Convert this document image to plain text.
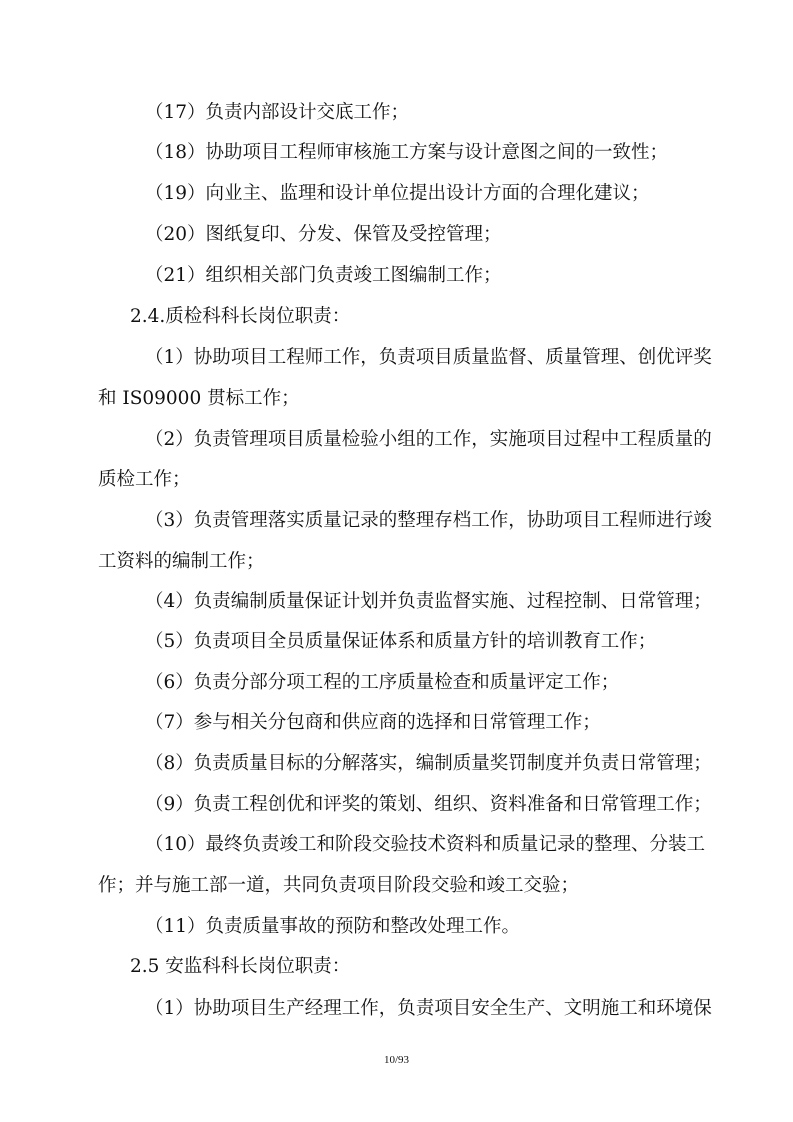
（17）负责内部设计交底工作；
（18）协助项目工程师审核施工方案与设计意图之间的一致性；
（19）向业主、监理和设计单位提出设计方面的合理化建议；
（20）图纸复印、分发、保管及受控管理；
（21）组织相关部门负责竣工图编制工作；
2.4.质检科科长岗位职责：
（1）协助项目工程师工作，负责项目质量监督、质量管理、创优评奖
和 IS09000 贯标工作；
（2）负责管理项目质量检验小组的工作，实施项目过程中工程质量的
质检工作；
（3）负责管理落实质量记录的整理存档工作，协助项目工程师进行竣
工资料的编制工作；
（4）负责编制质量保证计划并负责监督实施、过程控制、日常管理；
（5）负责项目全员质量保证体系和质量方针的培训教育工作；
（6）负责分部分项工程的工序质量检查和质量评定工作；
（7）参与相关分包商和供应商的选择和日常管理工作；
（8）负责质量目标的分解落实，编制质量奖罚制度并负责日常管理；
（9）负责工程创优和评奖的策划、组织、资料准备和日常管理工作；
（10）最终负责竣工和阶段交验技术资料和质量记录的整理、分装工
作；并与施工部一道，共同负责项目阶段交验和竣工交验；
（11）负责质量事故的预防和整改处理工作。
2.5 安监科科长岗位职责：
（1）协助项目生产经理工作，负责项目安全生产、文明施工和环境保
10/93
